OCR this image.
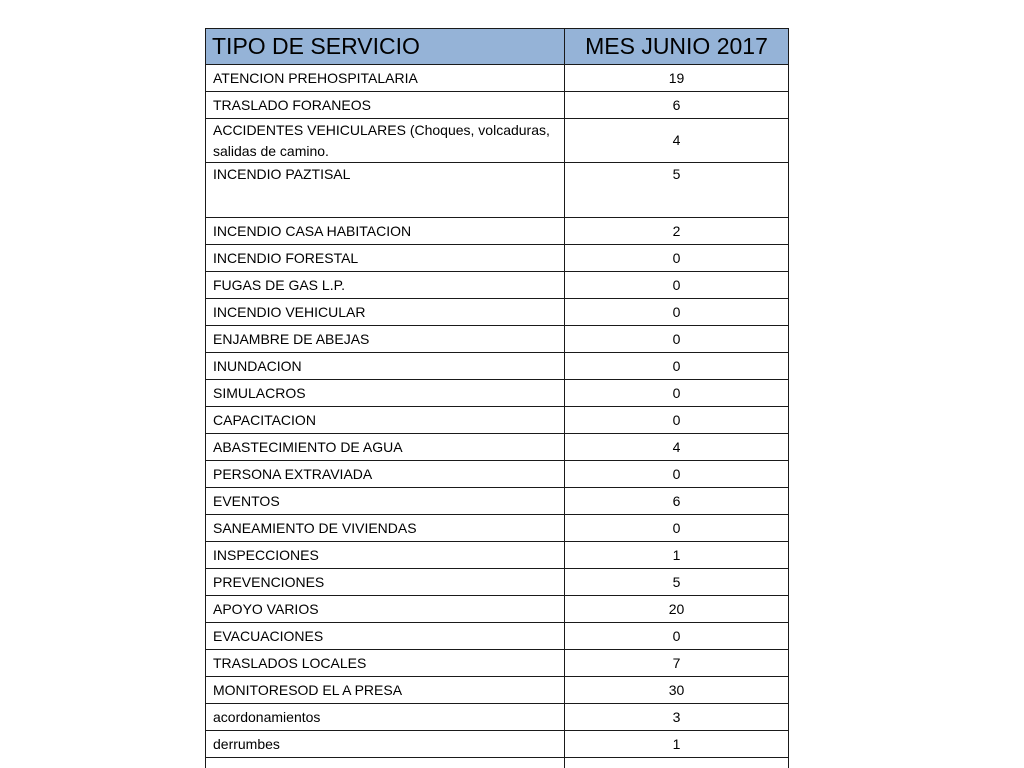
TIPO DE SERVICIO	MES JUNIO 2017
ATENCION PREHOSPITALARIA	19
TRASLADO FORANEOS	6
ACCIDENTES VEHICULARES (Choques, volcaduras, salidas de camino.	4
INCENDIO PAZTISAL	5
INCENDIO CASA HABITACION	2
INCENDIO FORESTAL	0
FUGAS DE GAS L.P.	0
INCENDIO VEHICULAR	0
ENJAMBRE DE ABEJAS	0
INUNDACION	0
SIMULACROS	0
CAPACITACION	0
ABASTECIMIENTO DE AGUA	4
PERSONA EXTRAVIADA	0
EVENTOS	6
SANEAMIENTO DE VIVIENDAS	0
INSPECCIONES	1
PREVENCIONES	5
APOYO VARIOS	20
EVACUACIONES	0
TRASLADOS LOCALES	7
MONITORESOD EL A PRESA	30
acordonamientos	3
derrumbes	1
